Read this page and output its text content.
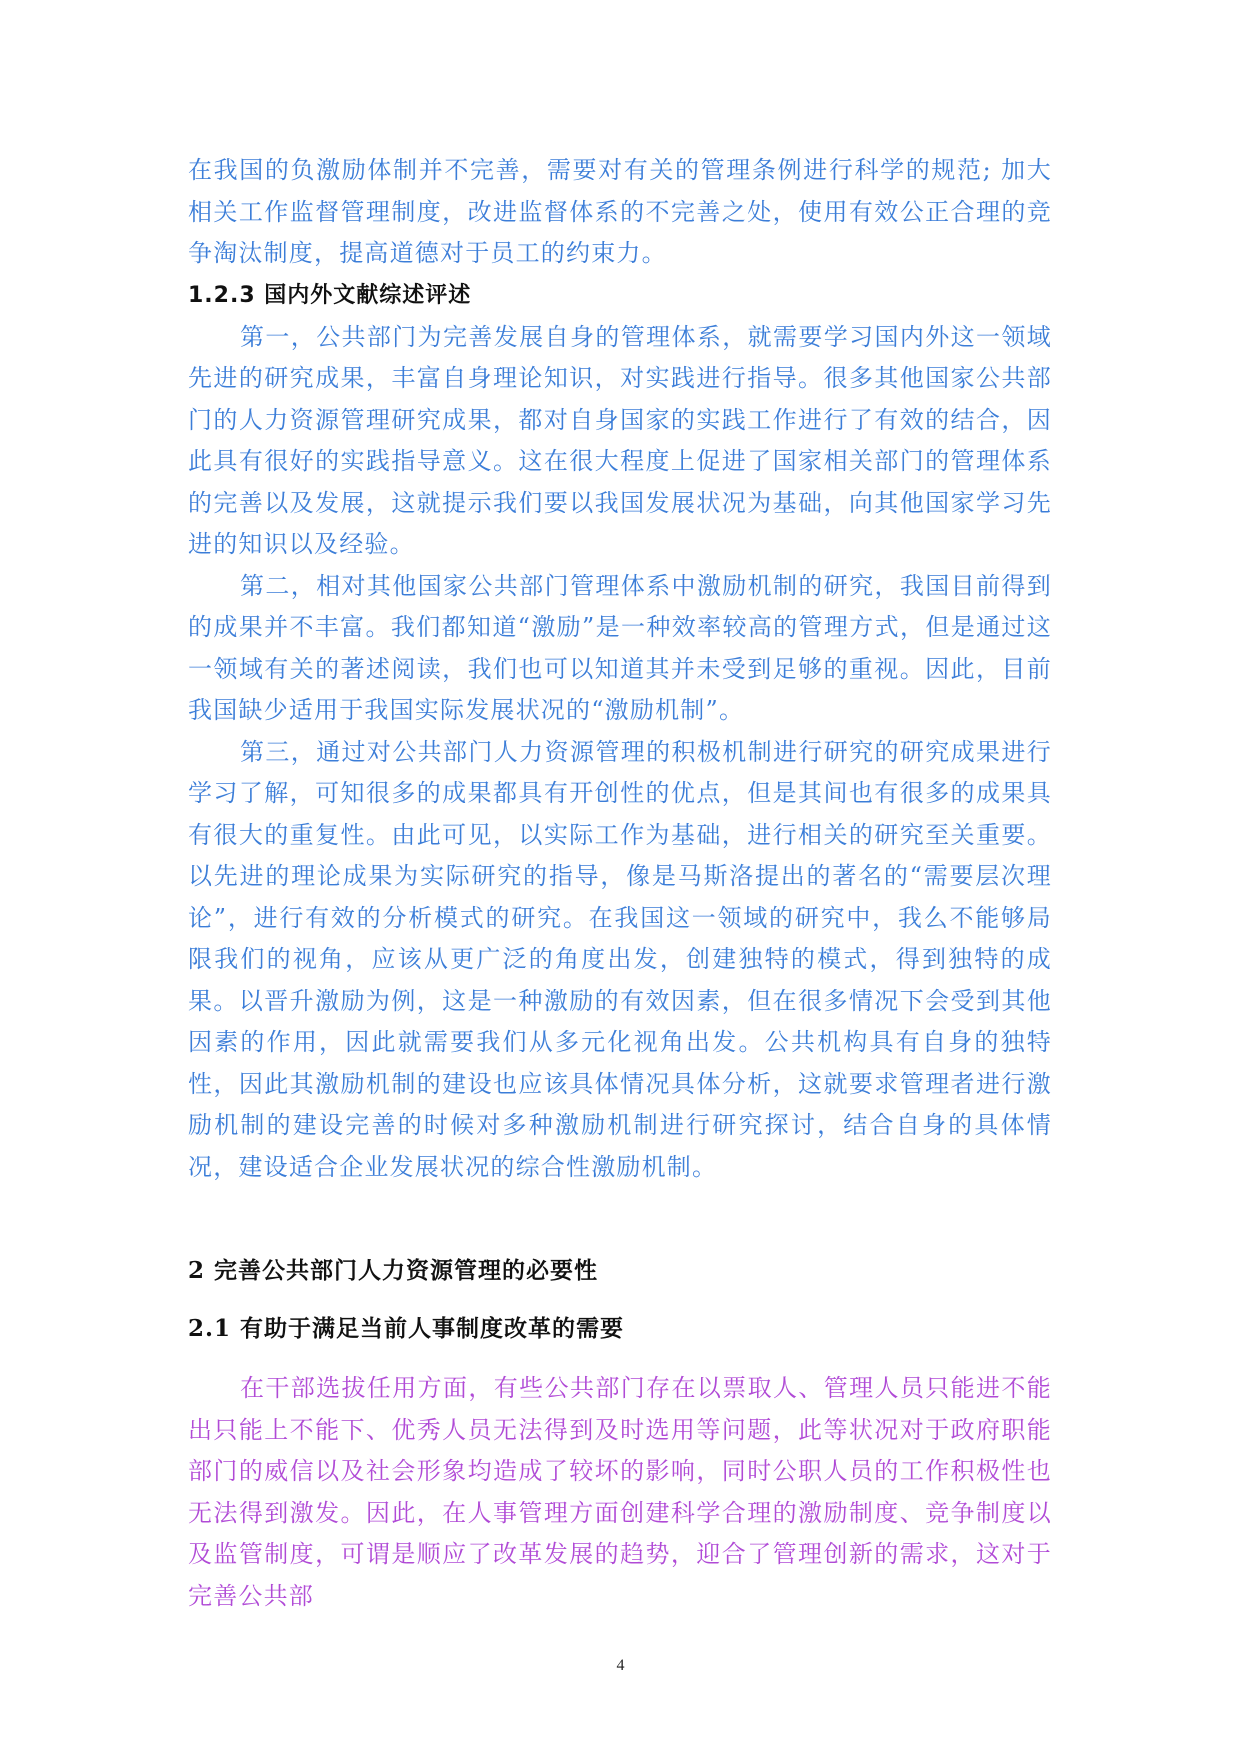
在我国的负激励体制并不完善，需要对有关的管理条例进行科学的规范; 加大相关工作监督管理制度，改进监督体系的不完善之处，使用有效公正合理的竞争淘汰制度，提高道德对于员工的约束力。

1.2.3 国内外文献综述评述

第一，公共部门为完善发展自身的管理体系，就需要学习国内外这一领域先进的研究成果，丰富自身理论知识，对实践进行指导。很多其他国家公共部门的人力资源管理研究成果，都对自身国家的实践工作进行了有效的结合，因此具有很好的实践指导意义。这在很大程度上促进了国家相关部门的管理体系的完善以及发展，这就提示我们要以我国发展状况为基础，向其他国家学习先进的知识以及经验。

第二，相对其他国家公共部门管理体系中激励机制的研究，我国目前得到的成果并不丰富。我们都知道“激励”是一种效率较高的管理方式，但是通过这一领域有关的著述阅读，我们也可以知道其并未受到足够的重视。因此，目前我国缺少适用于我国实际发展状况的“激励机制”。

第三，通过对公共部门人力资源管理的积极机制进行研究的研究成果进行学习了解，可知很多的成果都具有开创性的优点，但是其间也有很多的成果具有很大的重复性。由此可见，以实际工作为基础，进行相关的研究至关重要。以先进的理论成果为实际研究的指导，像是马斯洛提出的著名的“需要层次理论”，进行有效的分析模式的研究。在我国这一领域的研究中，我么不能够局限我们的视角，应该从更广泛的角度出发，创建独特的模式，得到独特的成果。以晋升激励为例，这是一种激励的有效因素，但在很多情况下会受到其他因素的作用，因此就需要我们从多元化视角出发。公共机构具有自身的独特性，因此其激励机制的建设也应该具体情况具体分析，这就要求管理者进行激励机制的建设完善的时候对多种激励机制进行研究探讨，结合自身的具体情况，建设适合企业发展状况的综合性激励机制。

2 完善公共部门人力资源管理的必要性

2.1 有助于满足当前人事制度改革的需要

在干部选拔任用方面，有些公共部门存在以票取人、管理人员只能进不能出只能上不能下、优秀人员无法得到及时选用等问题，此等状况对于政府职能部门的威信以及社会形象均造成了较坏的影响，同时公职人员的工作积极性也无法得到激发。因此，在人事管理方面创建科学合理的激励制度、竞争制度以及监管制度，可谓是顺应了改革发展的趋势，迎合了管理创新的需求，这对于完善公共部

4
